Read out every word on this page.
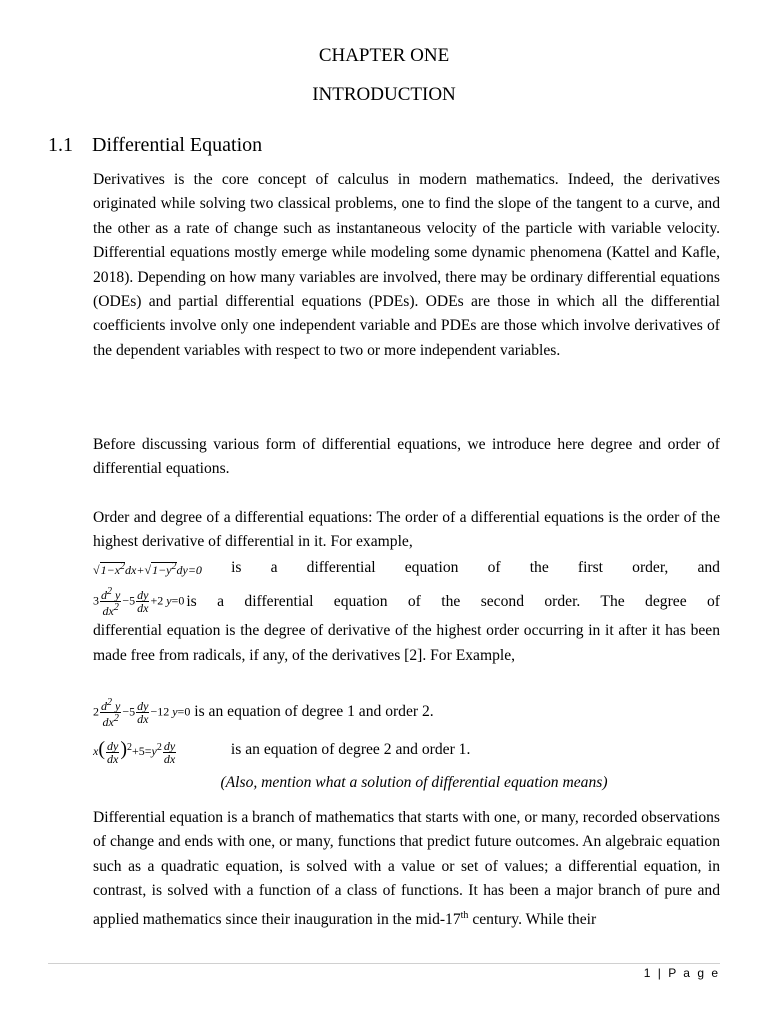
CHAPTER ONE
INTRODUCTION
1.1 Differential Equation
Derivatives is the core concept of calculus in modern mathematics. Indeed, the derivatives originated while solving two classical problems, one to find the slope of the tangent to a curve, and the other as a rate of change such as instantaneous velocity of the particle with variable velocity. Differential equations mostly emerge while modeling some dynamic phenomena (Kattel and Kafle, 2018). Depending on how many variables are involved, there may be ordinary differential equations (ODEs) and partial differential equations (PDEs). ODEs are those in which all the differential coefficients involve only one independent variable and PDEs are those which involve derivatives of the dependent variables with respect to two or more independent variables.
Before discussing various form of differential equations, we introduce here degree and order of differential equations.
Order and degree of a differential equations: The order of a differential equations is the order of the highest derivative of differential in it. For example,
$√1-x^2dx+√1-y^2dy=0$ is a differential equation of the first order, and
$3 \frac{d^2 y}{dx^2} -5 \frac{dy}{dx} +2$ y=0 is a differential equation of the second order. The degree of
differential equation is the degree of derivative of the highest order occurring in it after it has been made free from radicals, if any, of the derivatives [2]. For Example,
$2 \frac{d^2 y}{dx^2} -5 \frac{dy}{dx} -12$ y=0 is an equation of degree 1 and order 2.
$x( \frac{dy}{dx} )^2+5=y^2 \frac{dy}{dx}$	is an equation of degree 2 and order 1.
(Also, mention what a solution of differential equation means)
Differential equation is a branch of mathematics that starts with one, or many, recorded observations of change and ends with one, or many, functions that predict future outcomes. An algebraic equation such as a quadratic equation, is solved with a value or set of values; a differential equation, in contrast, is solved with a function of a class of functions. It has been a major branch of pure and applied mathematics since their inauguration in the mid-17th century. While their
1 | P a g e
